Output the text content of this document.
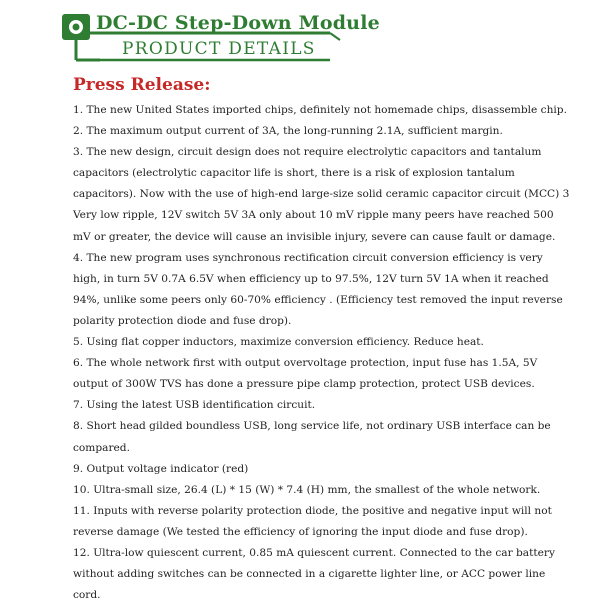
DC-DC Step-Down Module
PRODUCT DETAILS
Press Release:
1. The new United States imported chips, definitely not homemade chips, disassemble chip.
2. The maximum output current of 3A, the long-running 2.1A, sufficient margin.
3. The new design, circuit design does not require electrolytic capacitors and tantalum
capacitors (electrolytic capacitor life is short, there is a risk of explosion tantalum
capacitors). Now with the use of high-end large-size solid ceramic capacitor circuit (MCC) 3
Very low ripple, 12V switch 5V 3A only about 10 mV ripple many peers have reached 500
mV or greater, the device will cause an invisible injury, severe can cause fault or damage.
4. The new program uses synchronous rectification circuit conversion efficiency is very
high, in turn 5V 0.7A 6.5V when efficiency up to 97.5%, 12V turn 5V 1A when it reached
94%, unlike some peers only 60-70% efficiency . (Efficiency test removed the input reverse
polarity protection diode and fuse drop).
5. Using flat copper inductors, maximize conversion efficiency. Reduce heat.
6. The whole network first with output overvoltage protection, input fuse has 1.5A, 5V
output of 300W TVS has done a pressure pipe clamp protection, protect USB devices.
7. Using the latest USB identification circuit.
8. Short head gilded boundless USB, long service life, not ordinary USB interface can be
compared.
9. Output voltage indicator (red)
10. Ultra-small size, 26.4 (L) * 15 (W) * 7.4 (H) mm, the smallest of the whole network.
11. Inputs with reverse polarity protection diode, the positive and negative input will not
reverse damage (We tested the efficiency of ignoring the input diode and fuse drop).
12. Ultra-low quiescent current, 0.85 mA quiescent current. Connected to the car battery
without adding switches can be connected in a cigarette lighter line, or ACC power line
cord.
